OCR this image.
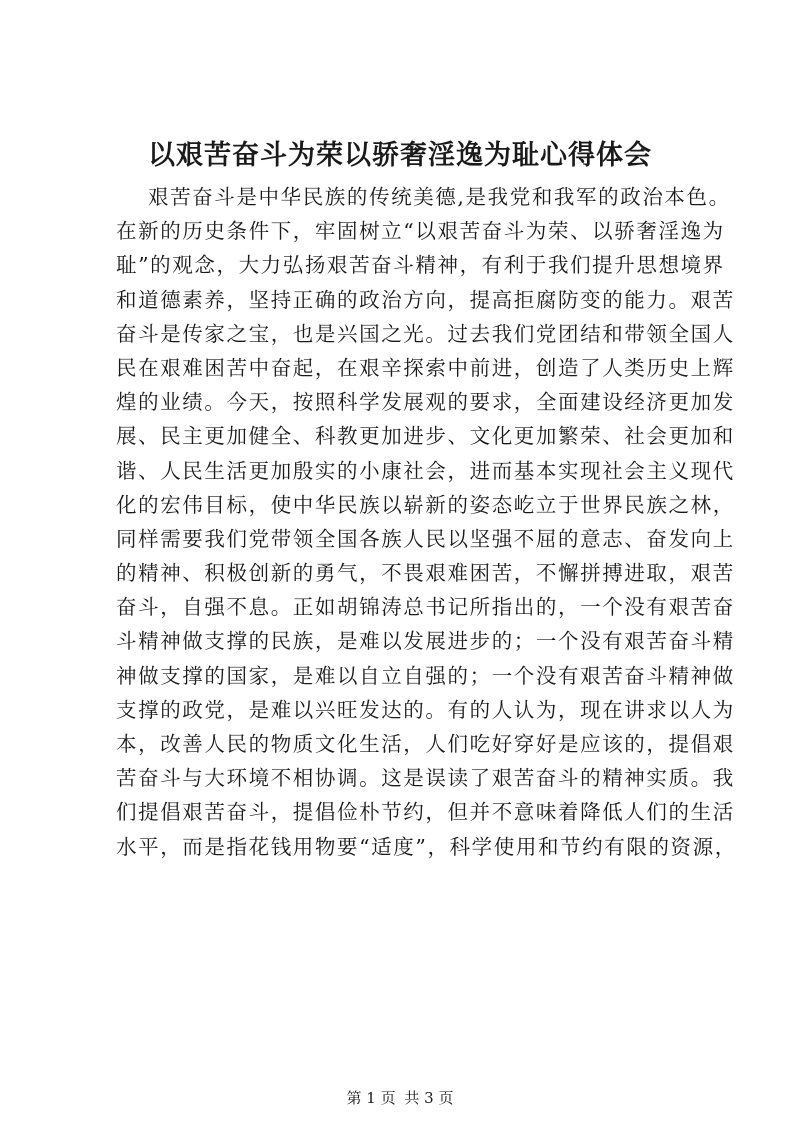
以艰苦奋斗为荣以骄奢淫逸为耻心得体会
艰苦奋斗是中华民族的传统美德,是我党和我军的政治本色。
在新的历史条件下，牢固树立“以艰苦奋斗为荣、以骄奢淫逸为
耻”的观念，大力弘扬艰苦奋斗精神，有利于我们提升思想境界
和道德素养，坚持正确的政治方向，提高拒腐防变的能力。艰苦
奋斗是传家之宝，也是兴国之光。过去我们党团结和带领全国人
民在艰难困苦中奋起，在艰辛探索中前进，创造了人类历史上辉
煌的业绩。今天，按照科学发展观的要求，全面建设经济更加发
展、民主更加健全、科教更加进步、文化更加繁荣、社会更加和
谐、人民生活更加殷实的小康社会，进而基本实现社会主义现代
化的宏伟目标，使中华民族以崭新的姿态屹立于世界民族之林，
同样需要我们党带领全国各族人民以坚强不屈的意志、奋发向上
的精神、积极创新的勇气，不畏艰难困苦，不懈拼搏进取，艰苦
奋斗，自强不息。正如胡锦涛总书记所指出的，一个没有艰苦奋
斗精神做支撑的民族，是难以发展进步的；一个没有艰苦奋斗精
神做支撑的国家，是难以自立自强的；一个没有艰苦奋斗精神做
支撑的政党，是难以兴旺发达的。有的人认为，现在讲求以人为
本，改善人民的物质文化生活，人们吃好穿好是应该的，提倡艰
苦奋斗与大环境不相协调。这是误读了艰苦奋斗的精神实质。我
们提倡艰苦奋斗，提倡俭朴节约，但并不意味着降低人们的生活
水平，而是指花钱用物要“适度”，科学使用和节约有限的资源，
第 1 页 共 3 页
